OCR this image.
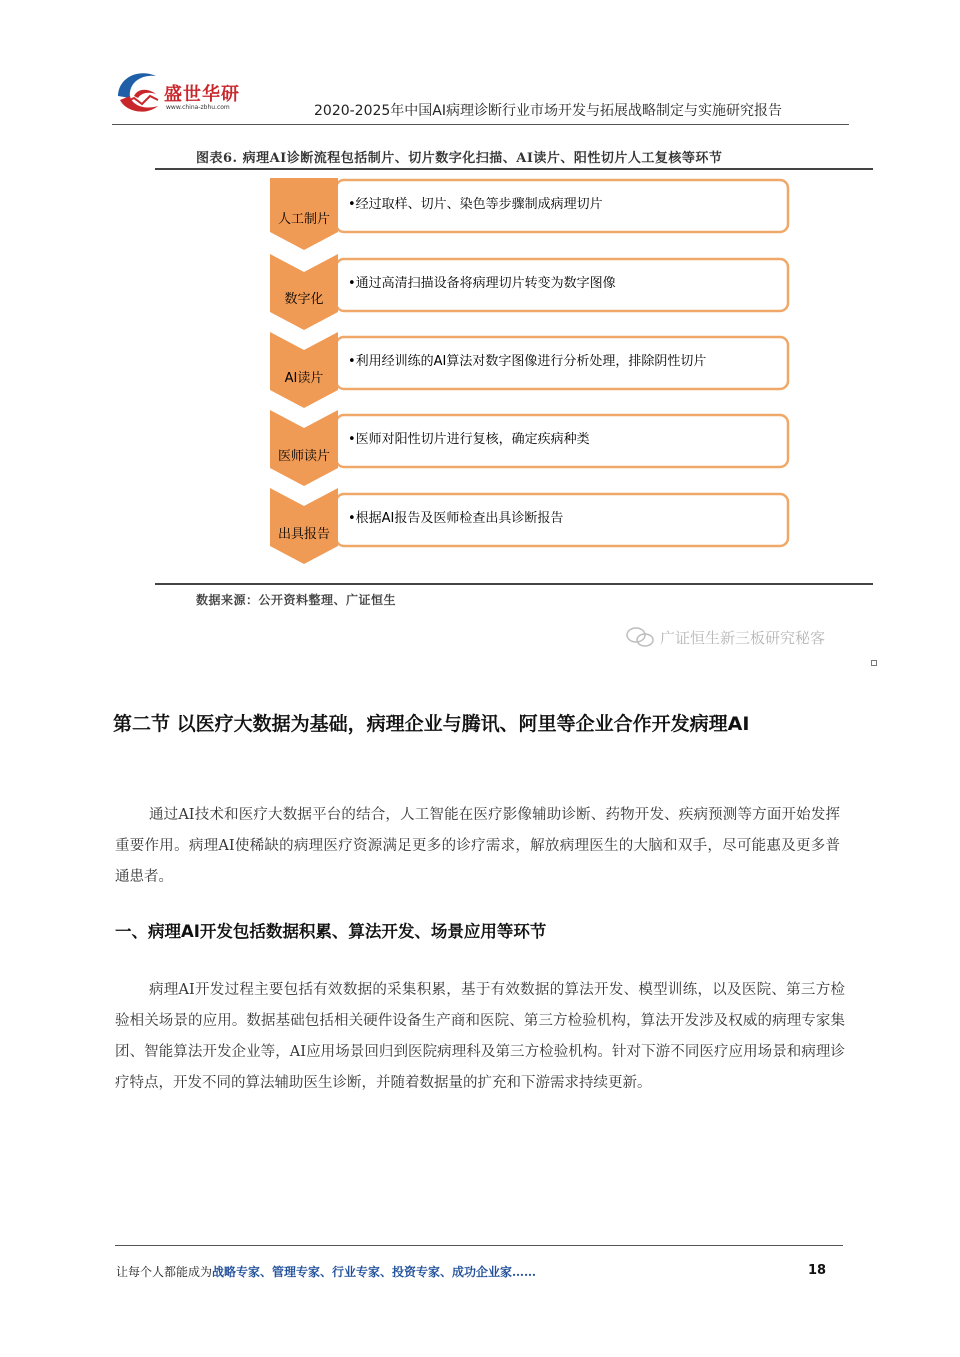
盛世华研
www.china-zbhu.com	2020-2025年中国AI病理诊断行业市场开发与拓展战略制定与实施研究报告
图表6. 病理AI诊断流程包括制片、切片数字化扫描、AI读片、阳性切片人工复核等环节
人工制片
•经过取样、切片、染色等步骤制成病理切片
数字化
•通过高清扫描设备将病理切片转变为数字图像
AI读片
•利用经训练的AI算法对数字图像进行分析处理，排除阴性切片
医师读片
•医师对阳性切片进行复核，确定疾病种类
出具报告
•根据AI报告及医师检查出具诊断报告
数据来源：公开资料整理、广证恒生
广证恒生新三板研究秘客
第二节 以医疗大数据为基础，病理企业与腾讯、阿里等企业合作开发病理AI
通过AI技术和医疗大数据平台的结合，人工智能在医疗影像辅助诊断、药物开发、疾病预测等方面开始发挥重要作用。病理AI使稀缺的病理医疗资源满足更多的诊疗需求，解放病理医生的大脑和双手，尽可能惠及更多普通患者。
一、病理AI开发包括数据积累、算法开发、场景应用等环节
病理AI开发过程主要包括有效数据的采集积累，基于有效数据的算法开发、模型训练，以及医院、第三方检验相关场景的应用。数据基础包括相关硬件设备生产商和医院、第三方检验机构，算法开发涉及权威的病理专家集团、智能算法开发企业等，AI应用场景回归到医院病理科及第三方检验机构。针对下游不同医疗应用场景和病理诊疗特点，开发不同的算法辅助医生诊断，并随着数据量的扩充和下游需求持续更新。
让每个人都能成为战略专家、管理专家、行业专家、投资专家、成功企业家……	18
